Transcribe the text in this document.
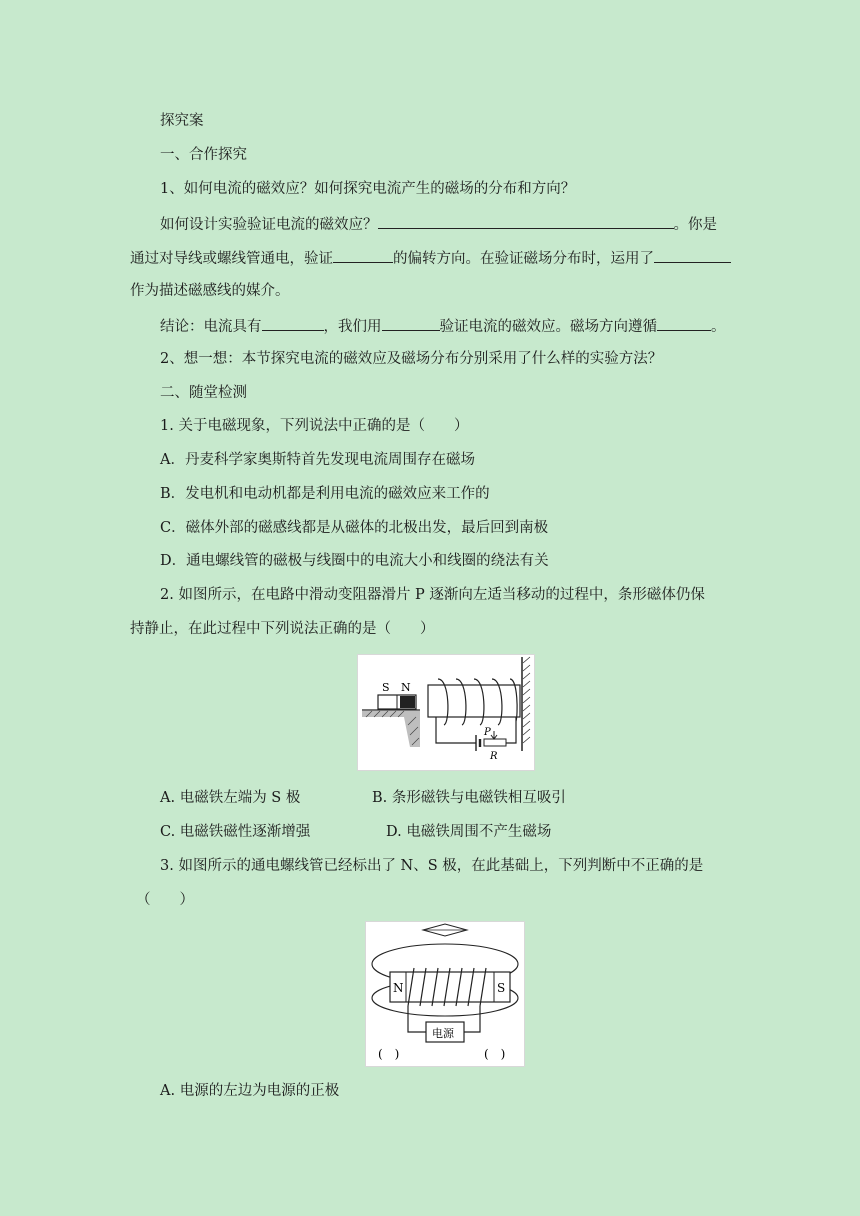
探究案
一、合作探究
1、如何电流的磁效应？如何探究电流产生的磁场的分布和方向？
如何设计实验验证电流的磁效应？	。你是
通过对导线或螺线管通电，验证	的偏转方向。在验证磁场分布时，运用了
作为描述磁感线的媒介。
结论：电流具有	，我们用	验证电流的磁效应。磁场方向遵循	。
2、想一想：本节探究电流的磁效应及磁场分布分别采用了什么样的实验方法？
二、随堂检测
1. 关于电磁现象，下列说法中正确的是（　　）
A．丹麦科学家奥斯特首先发现电流周围存在磁场
B．发电机和电动机都是利用电流的磁效应来工作的
C．磁体外部的磁感线都是从磁体的北极出发，最后回到南极
D．通电螺线管的磁极与线圈中的电流大小和线圈的绕法有关
2. 如图所示，在电路中滑动变阻器滑片 P 逐渐向左适当移动的过程中，条形磁体仍保
持静止，在此过程中下列说法正确的是（　　）
S N
P
R
A. 电磁铁左端为 S 极	B. 条形磁铁与电磁铁相互吸引
C. 电磁铁磁性逐渐增强	D. 电磁铁周围不产生磁场
3. 如图所示的通电螺线管已经标出了 N、S 极，在此基础上，下列判断中不正确的是
（　　）
N	S
电源
(　)	(　)
A. 电源的左边为电源的正极
